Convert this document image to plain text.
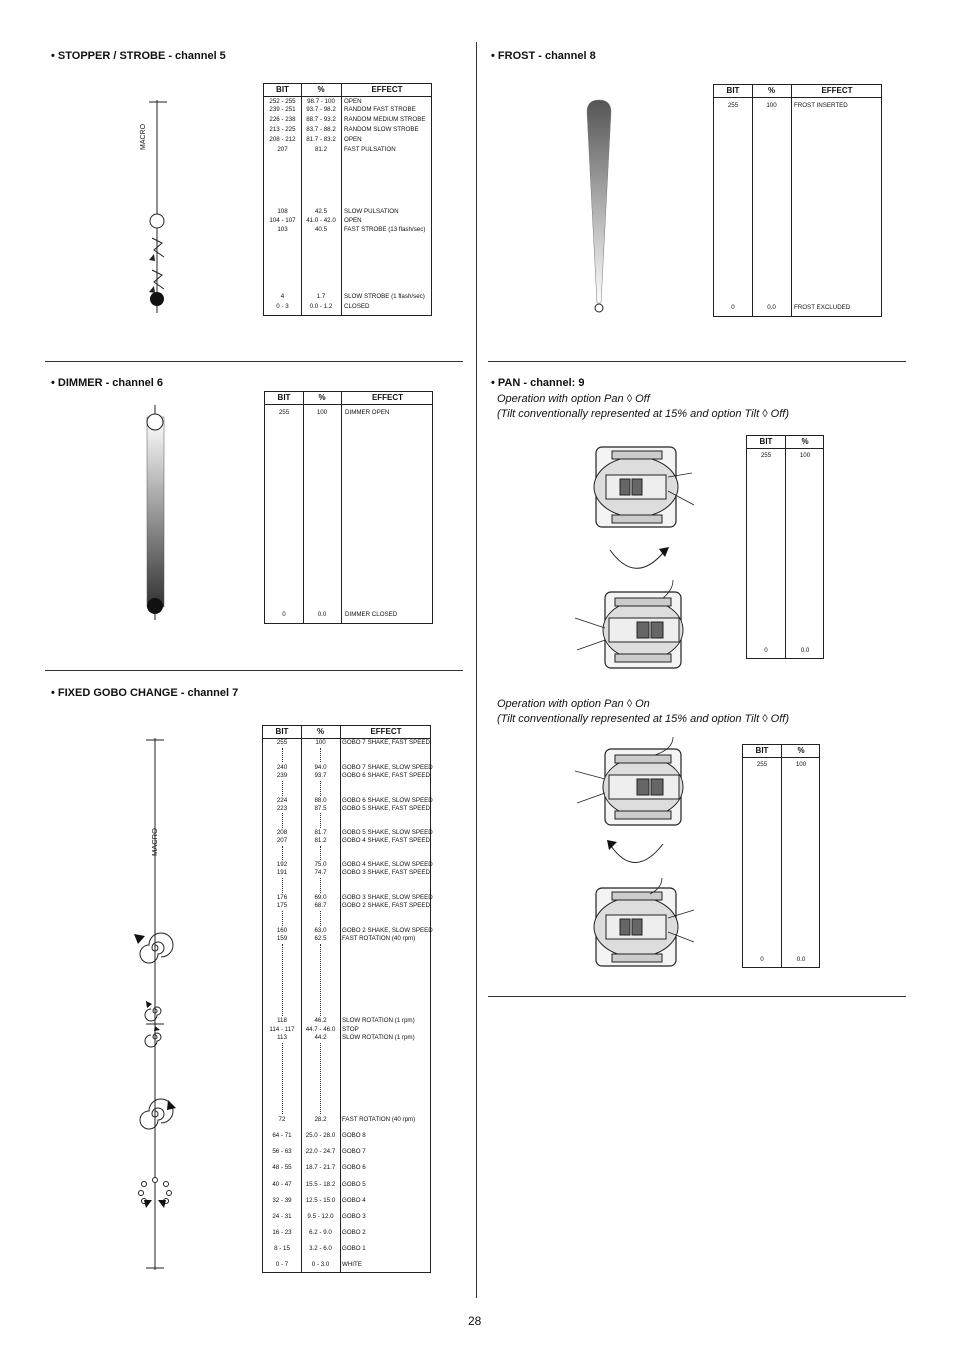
• STOPPER / STROBE - channel 5
MACRO
BIT	%	EFFECT
252 - 255	98.7 - 100	OPEN
239 - 251	93.7 - 98.2	RANDOM FAST STROBE
226 - 238	88.7 - 93.2	RANDOM MEDIUM STROBE
213 - 225	83.7 - 88.2	RANDOM SLOW STROBE
208 - 212	81.7 - 83.2	OPEN
207	81.2	FAST PULSATION
108	42.5	SLOW PULSATION
104 - 107	41.0 - 42.0	OPEN
103	40.5	FAST STROBE (13 flash/sec)
4	1.7	SLOW STROBE (1 flash/sec)
0 - 3	0.0 - 1.2	CLOSED
• DIMMER - channel 6
BIT	%	EFFECT
255	100	DIMMER OPEN
0	0.0	DIMMER CLOSED
• FIXED GOBO CHANGE - channel 7
MACRO
BIT	%	EFFECT
255	100	GOBO 7 SHAKE, FAST SPEED
240	94.0	GOBO 7 SHAKE, SLOW SPEED
239	93.7	GOBO 6 SHAKE, FAST SPEED
224	88.0	GOBO 6 SHAKE, SLOW SPEED
223	87.5	GOBO 5 SHAKE, FAST SPEED
208	81.7	GOBO 5 SHAKE, SLOW SPEED
207	81.2	GOBO 4 SHAKE, FAST SPEED
192	75.0	GOBO 4 SHAKE, SLOW SPEED
191	74.7	GOBO 3 SHAKE, FAST SPEED
176	69.0	GOBO 3 SHAKE, SLOW SPEED
175	68.7	GOBO 2 SHAKE, FAST SPEED
160	63.0	GOBO 2 SHAKE, SLOW SPEED
159	62.5	FAST ROTATION (40 rpm)
118	46.2	SLOW ROTATION (1 rpm)
114 - 117	44.7 - 46.0	STOP
113	44.2	SLOW ROTATION (1 rpm)
72	28.2	FAST ROTATION (40 rpm)
64 - 71	25.0 - 28.0	GOBO 8
56 - 63	22.0 - 24.7	GOBO 7
48 - 55	18.7 - 21.7	GOBO 6
40 - 47	15.5 - 18.2	GOBO 5
32 - 39	12.5 - 15.0	GOBO 4
24 - 31	9.5 - 12.0	GOBO 3
16 - 23	6.2 - 9.0	GOBO 2
8 - 15	3.2 - 6.0	GOBO 1
0 - 7	0 - 3.0	WHITE
• FROST - channel 8
BIT	%	EFFECT
255	100	FROST INSERTED
0	0.0	FROST EXCLUDED
• PAN - channel: 9
Operation with option Pan ◊ Off
(Tilt conventionally represented at 15% and option Tilt ◊ Off)
BIT	%
255	100
0	0.0
Operation with option Pan ◊ On
(Tilt conventionally represented at 15% and option Tilt ◊ Off)
BIT	%
255	100
0	0.0
28
